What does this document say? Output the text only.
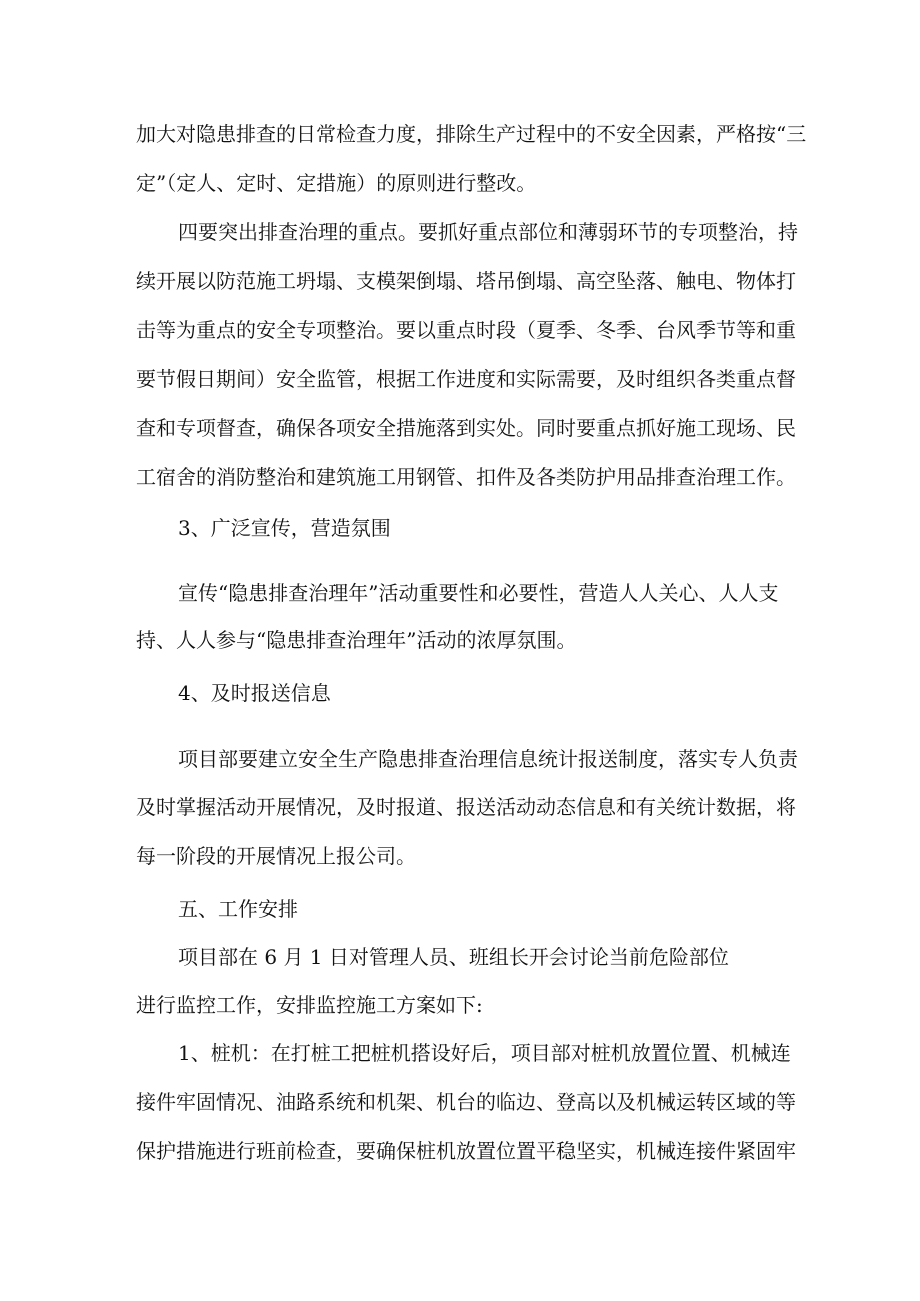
加大对隐患排查的日常检查力度，排除生产过程中的不安全因素，严格按“三
定”（定人、定时、定措施）的原则进行整改。
四要突出排查治理的重点。要抓好重点部位和薄弱环节的专项整治，持
续开展以防范施工坍塌、支模架倒塌、塔吊倒塌、高空坠落、触电、物体打
击等为重点的安全专项整治。要以重点时段（夏季、冬季、台风季节等和重
要节假日期间）安全监管，根据工作进度和实际需要，及时组织各类重点督
查和专项督查，确保各项安全措施落到实处。同时要重点抓好施工现场、民
工宿舍的消防整治和建筑施工用钢管、扣件及各类防护用品排查治理工作。
3、广泛宣传，营造氛围
宣传“隐患排查治理年”活动重要性和必要性，营造人人关心、人人支
持、人人参与“隐患排查治理年”活动的浓厚氛围。
4、及时报送信息
项目部要建立安全生产隐患排查治理信息统计报送制度，落实专人负责
及时掌握活动开展情况，及时报道、报送活动动态信息和有关统计数据，将
每一阶段的开展情况上报公司。
五、工作安排
项目部在 6 月 1 日对管理人员、班组长开会讨论当前危险部位
进行监控工作，安排监控施工方案如下:
1、桩机：在打桩工把桩机搭设好后，项目部对桩机放置位置、机械连
接件牢固情况、油路系统和机架、机台的临边、登高以及机械运转区域的等
保护措施进行班前检查，要确保桩机放置位置平稳坚实，机械连接件紧固牢
